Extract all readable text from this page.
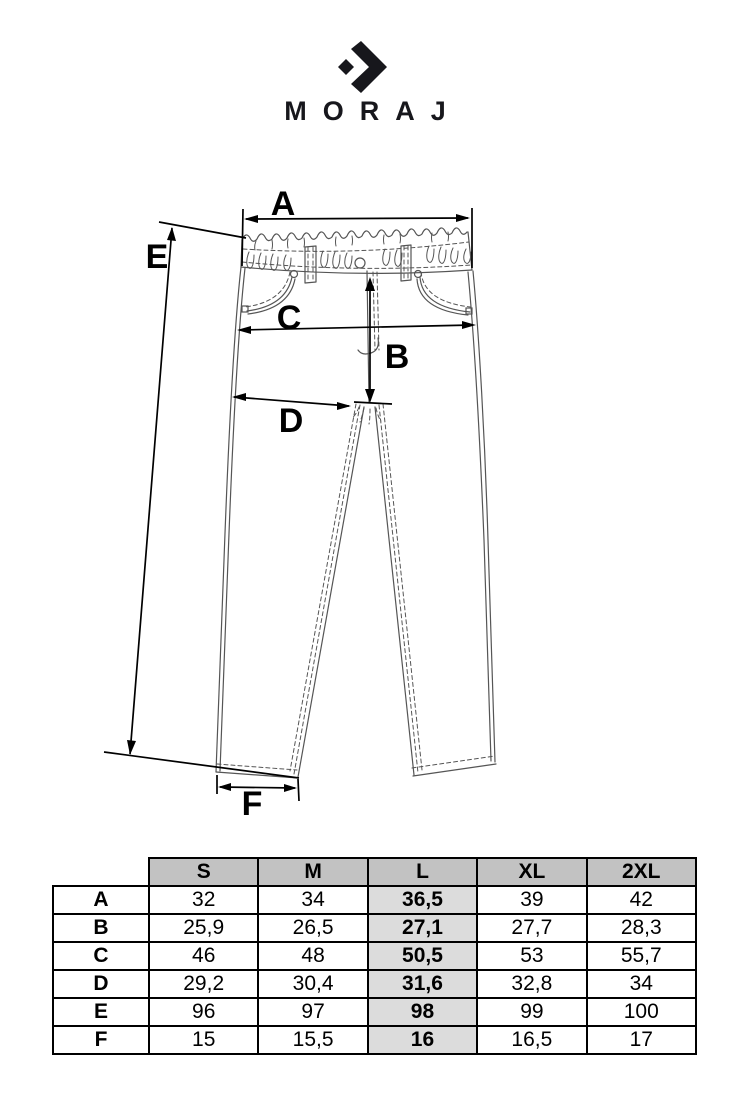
MORAJ
A
E
C
B
D
F
	S	M	L	XL	2XL
A	32	34	36,5	39	42
B	25,9	26,5	27,1	27,7	28,3
C	46	48	50,5	53	55,7
D	29,2	30,4	31,6	32,8	34
E	96	97	98	99	100
F	15	15,5	16	16,5	17
